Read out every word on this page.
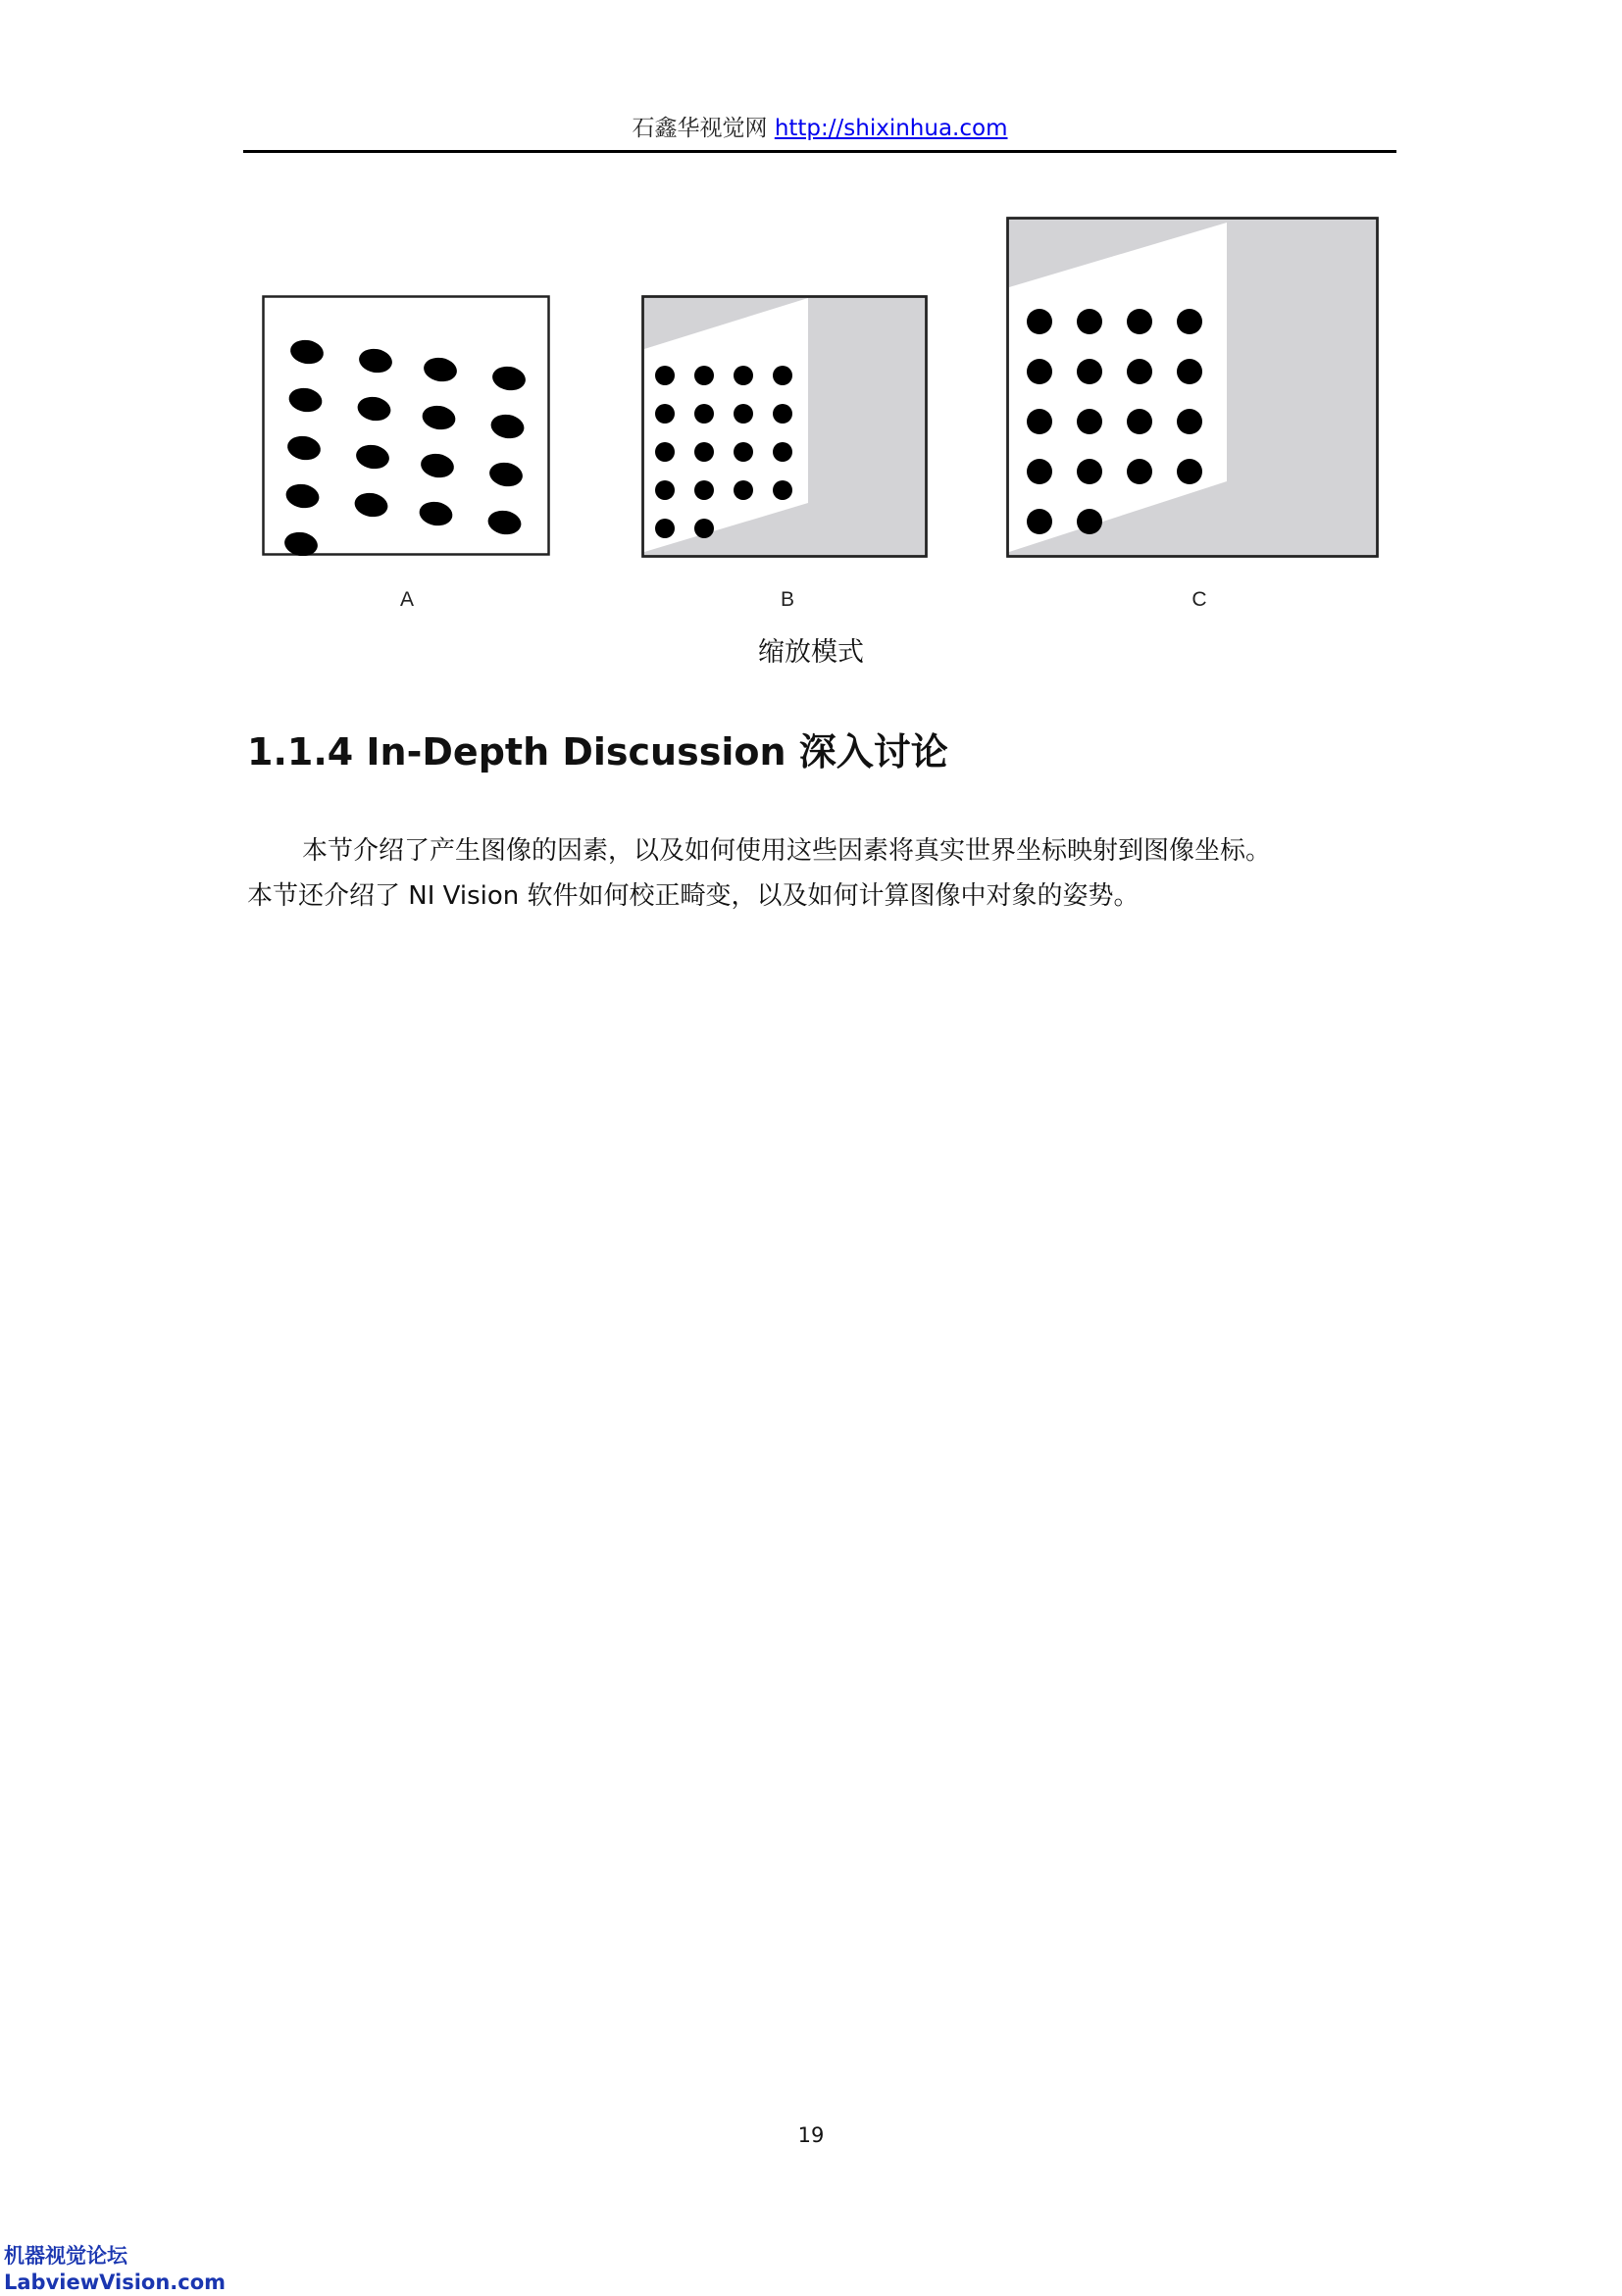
石鑫华视觉网 http://shixinhua.com
A	B	C
缩放模式
1.1.4 In-Depth Discussion 深入讨论

本节介绍了产生图像的因素，以及如何使用这些因素将真实世界坐标映射到图像坐标。

本节还介绍了 NI Vision 软件如何校正畸变，以及如何计算图像中对象的姿势。

19
机器视觉论坛
LabviewVision.com
